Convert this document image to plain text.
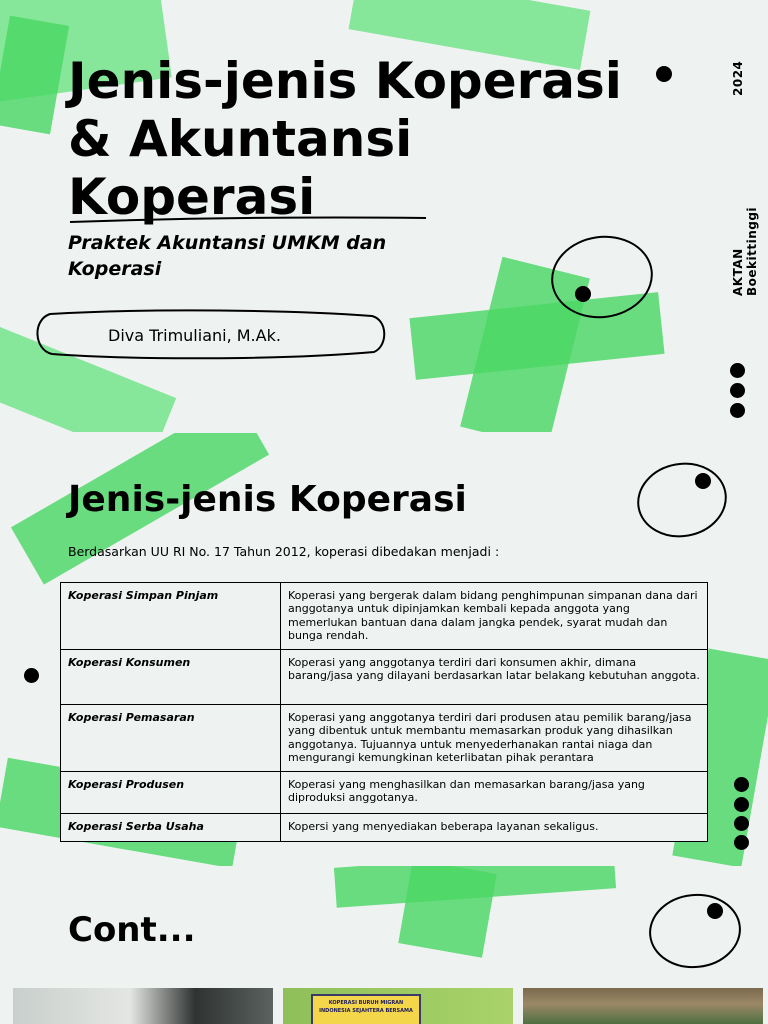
Jenis-jenis Koperasi & Akuntansi Koperasi
Praktek Akuntansi UMKM dan Koperasi
Diva Trimuliani, M.Ak.
2024
AKTAN Boekittinggi
Jenis-jenis Koperasi
Berdasarkan UU RI No. 17 Tahun 2012, koperasi dibedakan menjadi :
Koperasi Simpan Pinjam	Koperasi yang bergerak dalam bidang penghimpunan simpanan dana dari anggotanya untuk dipinjamkan kembali kepada anggota yang memerlukan bantuan dana dalam jangka pendek, syarat mudah dan bunga rendah.
Koperasi Konsumen	Koperasi yang anggotanya terdiri dari konsumen akhir, dimana barang/jasa yang dilayani berdasarkan latar belakang kebutuhan anggota.
Koperasi Pemasaran	Koperasi yang anggotanya terdiri dari produsen atau pemilik barang/jasa yang dibentuk untuk membantu memasarkan produk yang dihasilkan anggotanya. Tujuannya untuk menyederhanakan rantai niaga dan mengurangi kemungkinan keterlibatan pihak perantara
Koperasi Produsen	Koperasi yang menghasilkan dan memasarkan barang/jasa yang diproduksi anggotanya.
Koperasi Serba Usaha	Kopersi yang menyediakan beberapa layanan sekaligus.
Cont...
KOPERASI BURUH MIGRAN INDONESIA SEJAHTERA BERSAMA
